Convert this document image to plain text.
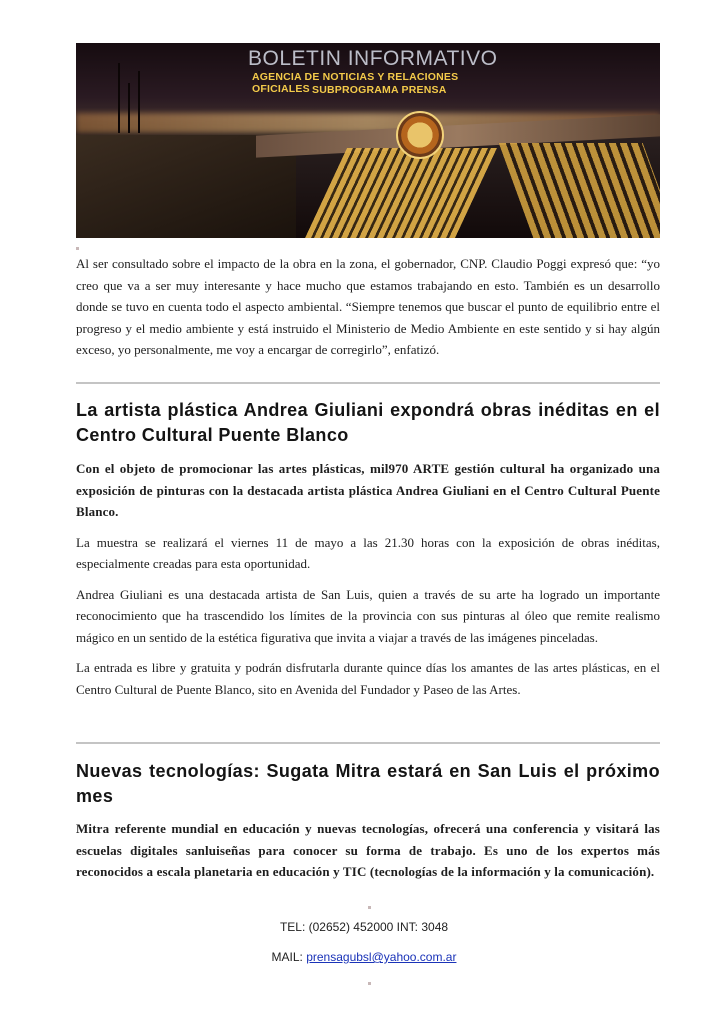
BOLETIN INFORMATIVO
AGENCIA DE NOTICIAS Y RELACIONES OFICIALES SUBPROGRAMA PRENSA

Al ser consultado sobre el impacto de la obra en la zona, el gobernador, CNP. Claudio Poggi expresó que: “yo creo que va a ser muy interesante y hace mucho que estamos trabajando en esto. También es un desarrollo donde se tuvo en cuenta todo el aspecto ambiental. “Siempre tenemos que buscar el punto de equilibrio entre el progreso y el medio ambiente y está instruido el Ministerio de Medio Ambiente en este sentido y si hay algún exceso, yo personalmente, me voy a encargar de corregirlo”, enfatizó.

La artista plástica Andrea Giuliani expondrá obras inéditas en el Centro Cultural Puente Blanco

Con el objeto de promocionar las artes plásticas, mil970 ARTE gestión cultural ha organizado una exposición de pinturas con la destacada artista plástica Andrea Giuliani en el Centro Cultural Puente Blanco.

La muestra se realizará el viernes 11 de mayo a las 21.30 horas con la exposición de obras inéditas, especialmente creadas para esta oportunidad.

Andrea Giuliani es una destacada artista de San Luis, quien a través de su arte ha logrado un importante reconocimiento que ha trascendido los límites de la provincia con sus pinturas al óleo que remite realismo mágico en un sentido de la estética figurativa que invita a viajar a través de las imágenes pinceladas.

La entrada es libre y gratuita y podrán disfrutarla durante quince días los amantes de las artes plásticas, en el Centro Cultural de Puente Blanco, sito en Avenida del Fundador y Paseo de las Artes.

Nuevas tecnologías: Sugata Mitra estará en San Luis el próximo mes

Mitra referente mundial en educación y nuevas tecnologías, ofrecerá una conferencia y visitará las escuelas digitales sanluiseñas para conocer su forma de trabajo. Es uno de los expertos más reconocidos a escala planetaria en educación y TIC (tecnologías de la información y la comunicación).

TEL: (02652) 452000 INT: 3048
MAIL: prensagubsl@yahoo.com.ar
